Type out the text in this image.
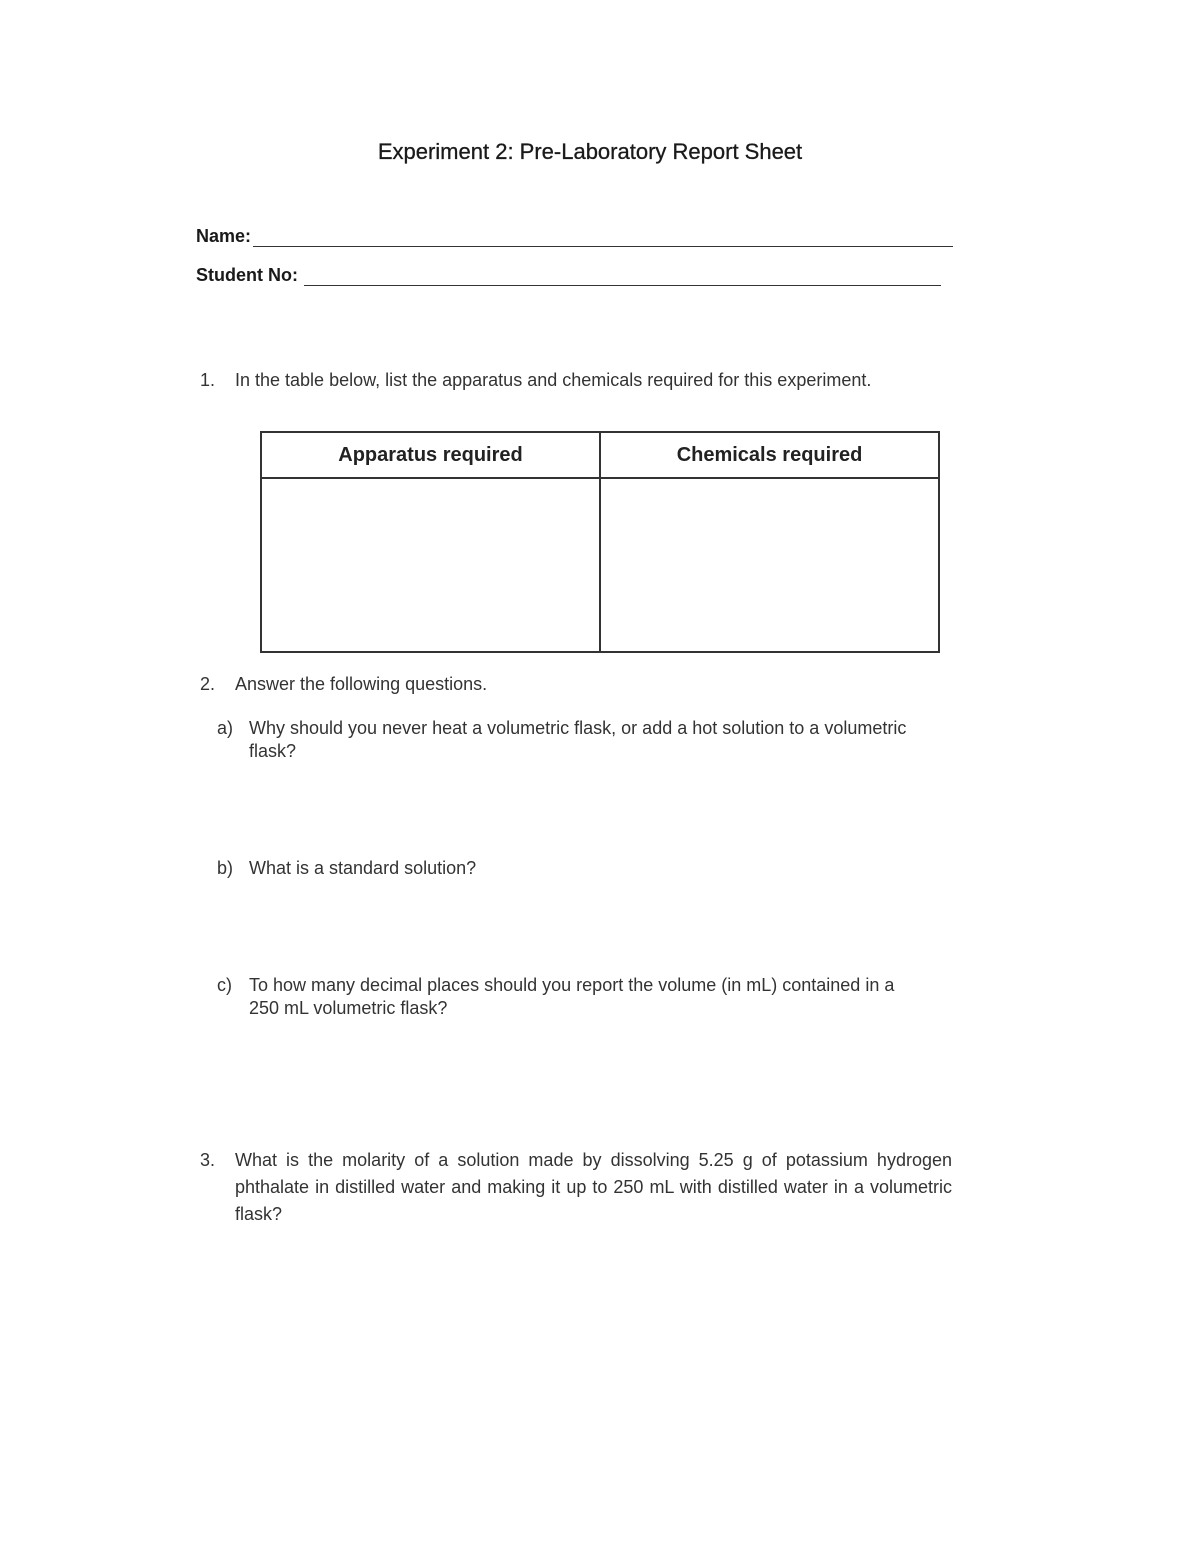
Experiment 2: Pre-Laboratory Report Sheet
Name:
Student No:
1. In the table below, list the apparatus and chemicals required for this experiment.
Apparatus required	Chemicals required
2. Answer the following questions.
a) Why should you never heat a volumetric flask, or add a hot solution to a volumetric flask?
b) What is a standard solution?
c) To how many decimal places should you report the volume (in mL) contained in a 250 mL volumetric flask?
3. What is the molarity of a solution made by dissolving 5.25 g of potassium hydrogen phthalate in distilled water and making it up to 250 mL with distilled water in a volumetric flask?
